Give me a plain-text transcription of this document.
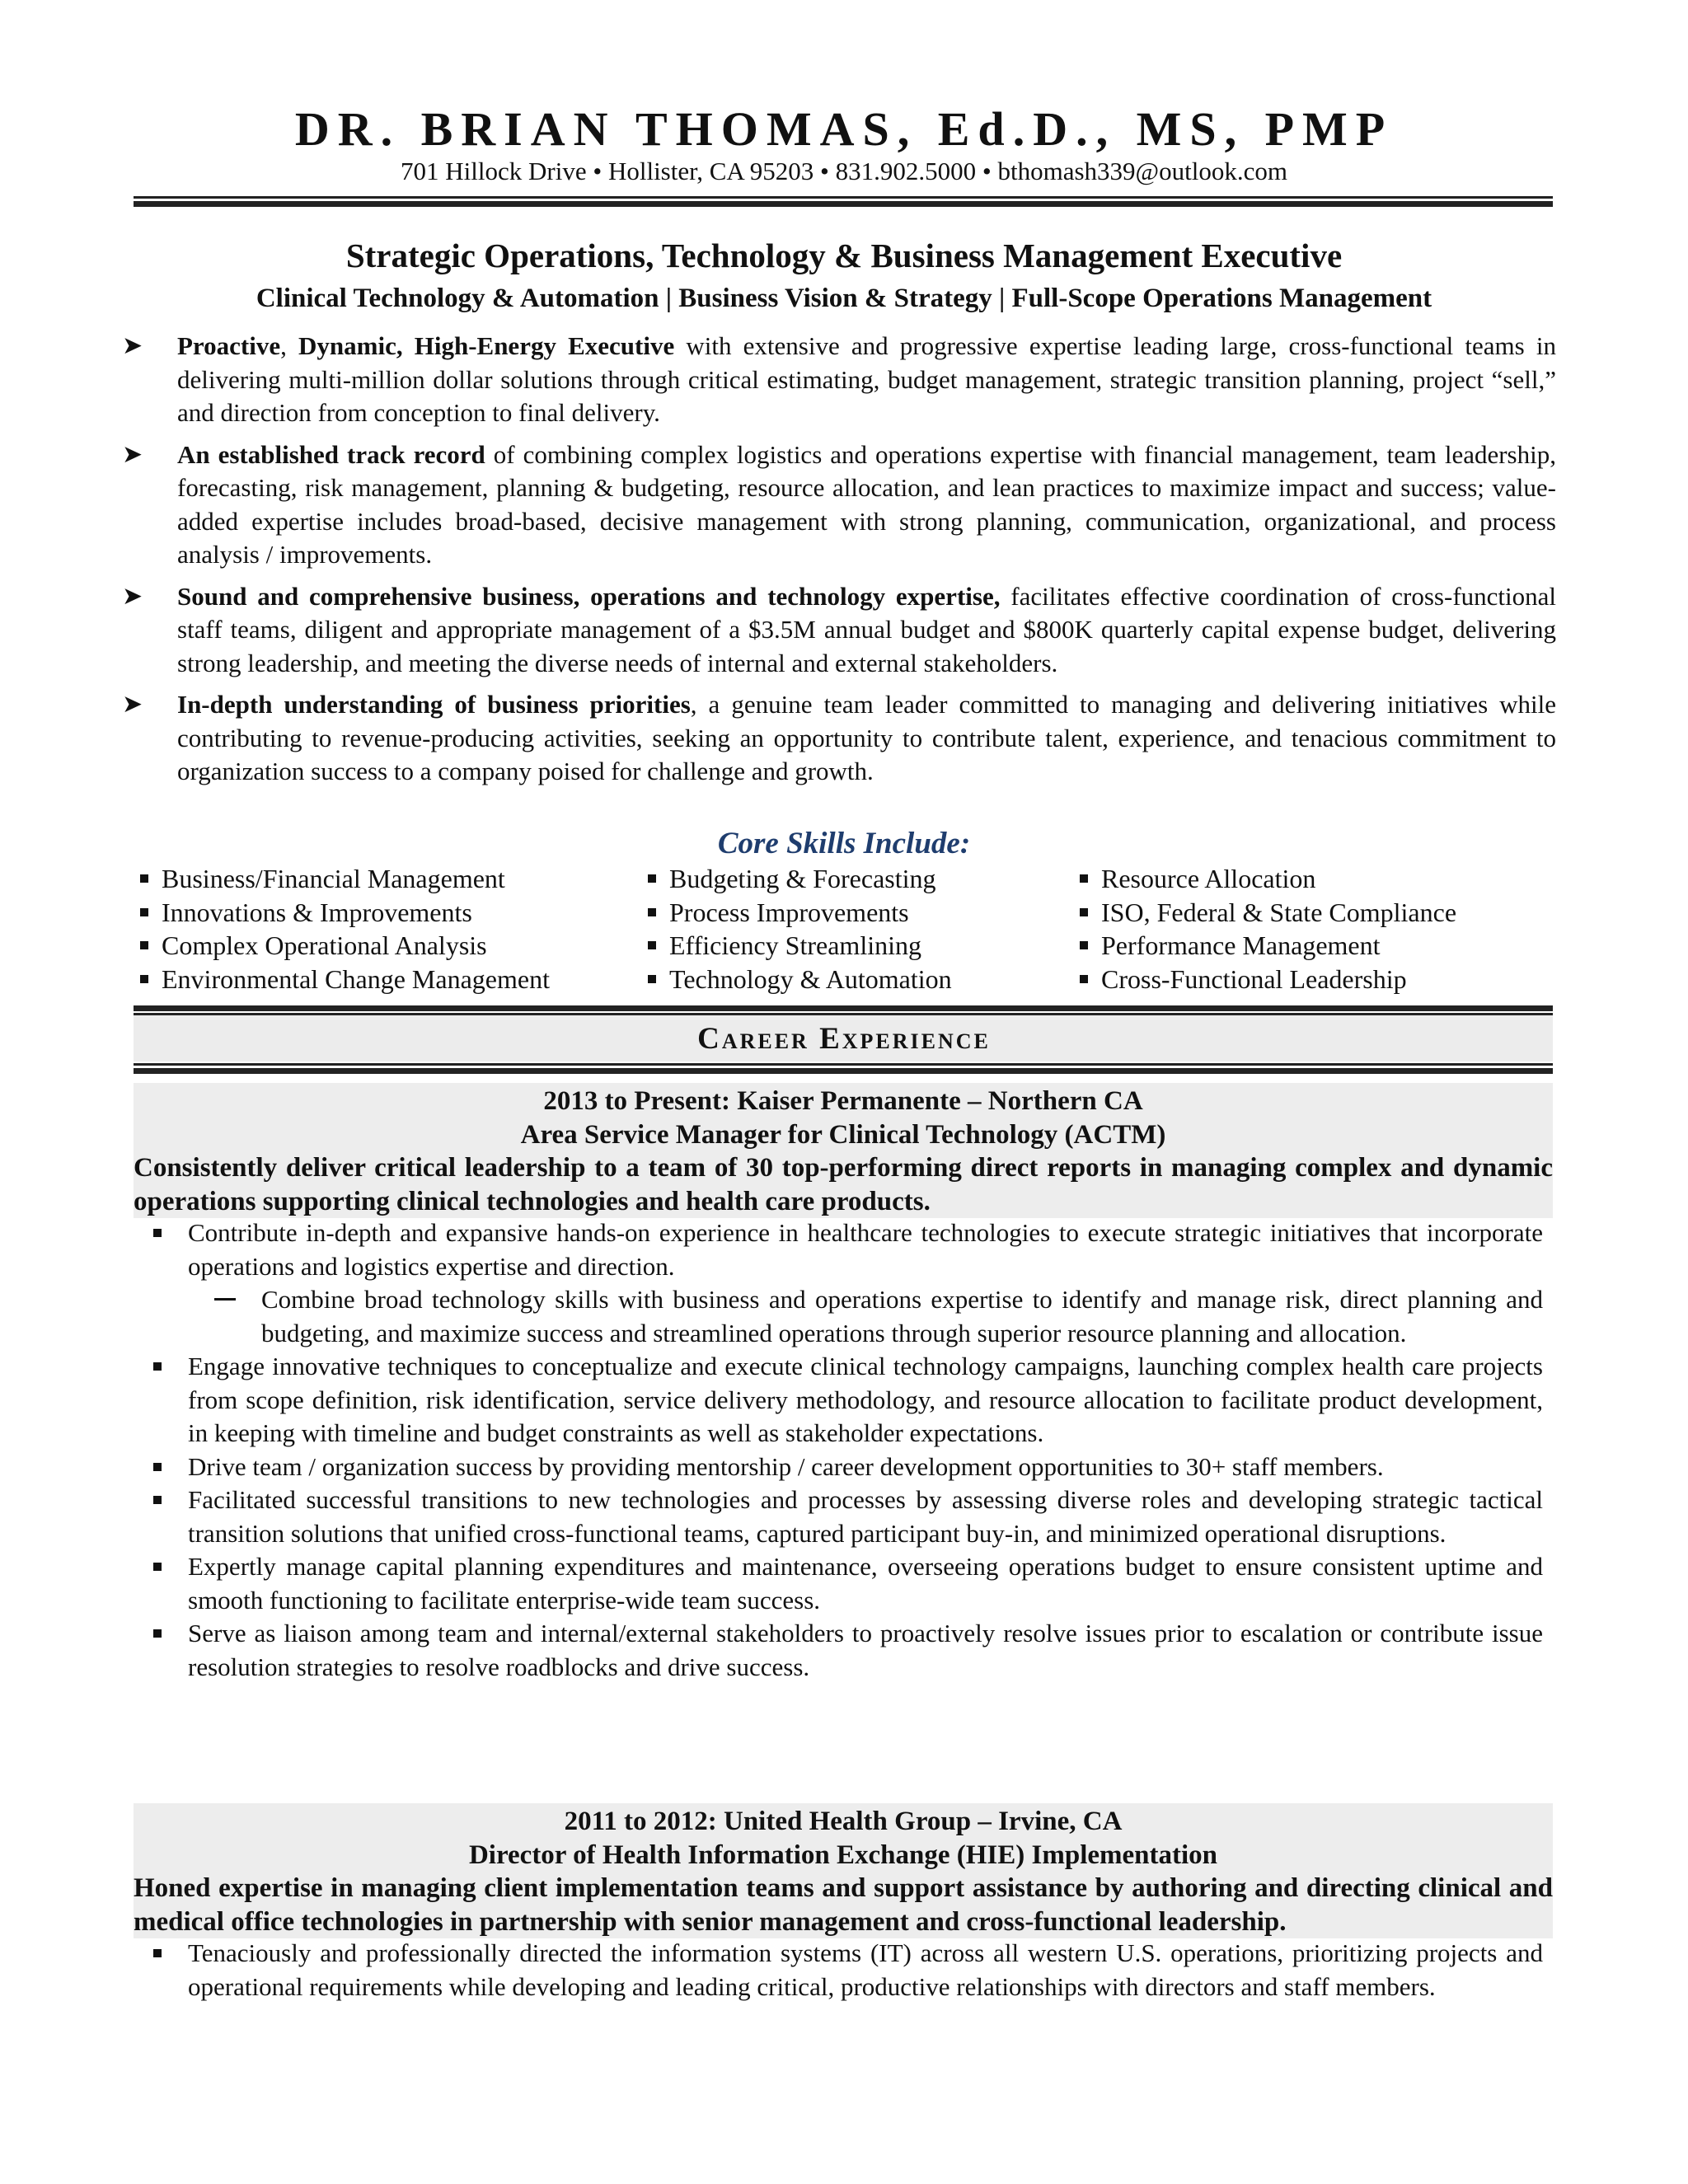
DR. BRIAN THOMAS, Ed.D., MS, PMP
701 Hillock Drive • Hollister, CA 95203 • 831.902.5000 • bthomash339@outlook.com
Strategic Operations, Technology & Business Management Executive
Clinical Technology & Automation | Business Vision & Strategy | Full-Scope Operations Management
➤ Proactive, Dynamic, High-Energy Executive with extensive and progressive expertise leading large, cross-functional teams in delivering multi-million dollar solutions through critical estimating, budget management, strategic transition planning, project “sell,” and direction from conception to final delivery.
➤ An established track record of combining complex logistics and operations expertise with financial management, team leadership, forecasting, risk management, planning & budgeting, resource allocation, and lean practices to maximize impact and success; value-added expertise includes broad-based, decisive management with strong planning, communication, organizational, and process analysis / improvements.
➤ Sound and comprehensive business, operations and technology expertise, facilitates effective coordination of cross-functional staff teams, diligent and appropriate management of a $3.5M annual budget and $800K quarterly capital expense budget, delivering strong leadership, and meeting the diverse needs of internal and external stakeholders.
➤ In-depth understanding of business priorities, a genuine team leader committed to managing and delivering initiatives while contributing to revenue-producing activities, seeking an opportunity to contribute talent, experience, and tenacious commitment to organization success to a company poised for challenge and growth.
Core Skills Include:
Business/Financial Management
Innovations & Improvements
Complex Operational Analysis
Environmental Change Management
Budgeting & Forecasting
Process Improvements
Efficiency Streamlining
Technology & Automation
Resource Allocation
ISO, Federal & State Compliance
Performance Management
Cross-Functional Leadership
Career Experience
2013 to Present: Kaiser Permanente – Northern CA
Area Service Manager for Clinical Technology (ACTM)
Consistently deliver critical leadership to a team of 30 top-performing direct reports in managing complex and dynamic operations supporting clinical technologies and health care products.
Contribute in-depth and expansive hands-on experience in healthcare technologies to execute strategic initiatives that incorporate operations and logistics expertise and direction.
Combine broad technology skills with business and operations expertise to identify and manage risk, direct planning and budgeting, and maximize success and streamlined operations through superior resource planning and allocation.
Engage innovative techniques to conceptualize and execute clinical technology campaigns, launching complex health care projects from scope definition, risk identification, service delivery methodology, and resource allocation to facilitate product development, in keeping with timeline and budget constraints as well as stakeholder expectations.
Drive team / organization success by providing mentorship / career development opportunities to 30+ staff members.
Facilitated successful transitions to new technologies and processes by assessing diverse roles and developing strategic tactical transition solutions that unified cross-functional teams, captured participant buy-in, and minimized operational disruptions.
Expertly manage capital planning expenditures and maintenance, overseeing operations budget to ensure consistent uptime and smooth functioning to facilitate enterprise-wide team success.
Serve as liaison among team and internal/external stakeholders to proactively resolve issues prior to escalation or contribute issue resolution strategies to resolve roadblocks and drive success.
2011 to 2012: United Health Group – Irvine, CA
Director of Health Information Exchange (HIE) Implementation
Honed expertise in managing client implementation teams and support assistance by authoring and directing clinical and medical office technologies in partnership with senior management and cross-functional leadership.
Tenaciously and professionally directed the information systems (IT) across all western U.S. operations, prioritizing projects and operational requirements while developing and leading critical, productive relationships with directors and staff members.
